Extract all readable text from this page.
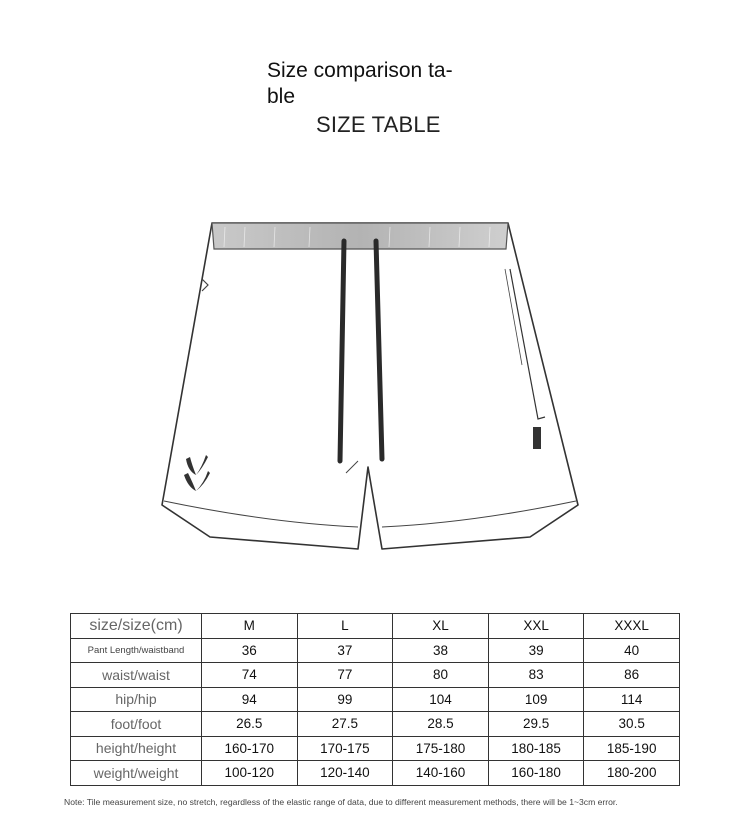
Size comparison ta-
ble
SIZE TABLE
size/size(cm)	M	L	XL	XXL	XXXL
Pant Length/waistband	36	37	38	39	40
waist/waist	74	77	80	83	86
hip/hip	94	99	104	109	114
foot/foot	26.5	27.5	28.5	29.5	30.5
height/height	160-170	170-175	175-180	180-185	185-190
weight/weight	100-120	120-140	140-160	160-180	180-200
Note: Tile measurement size, no stretch, regardless of the elastic range of data, due to different measurement methods, there will be 1~3cm error.
